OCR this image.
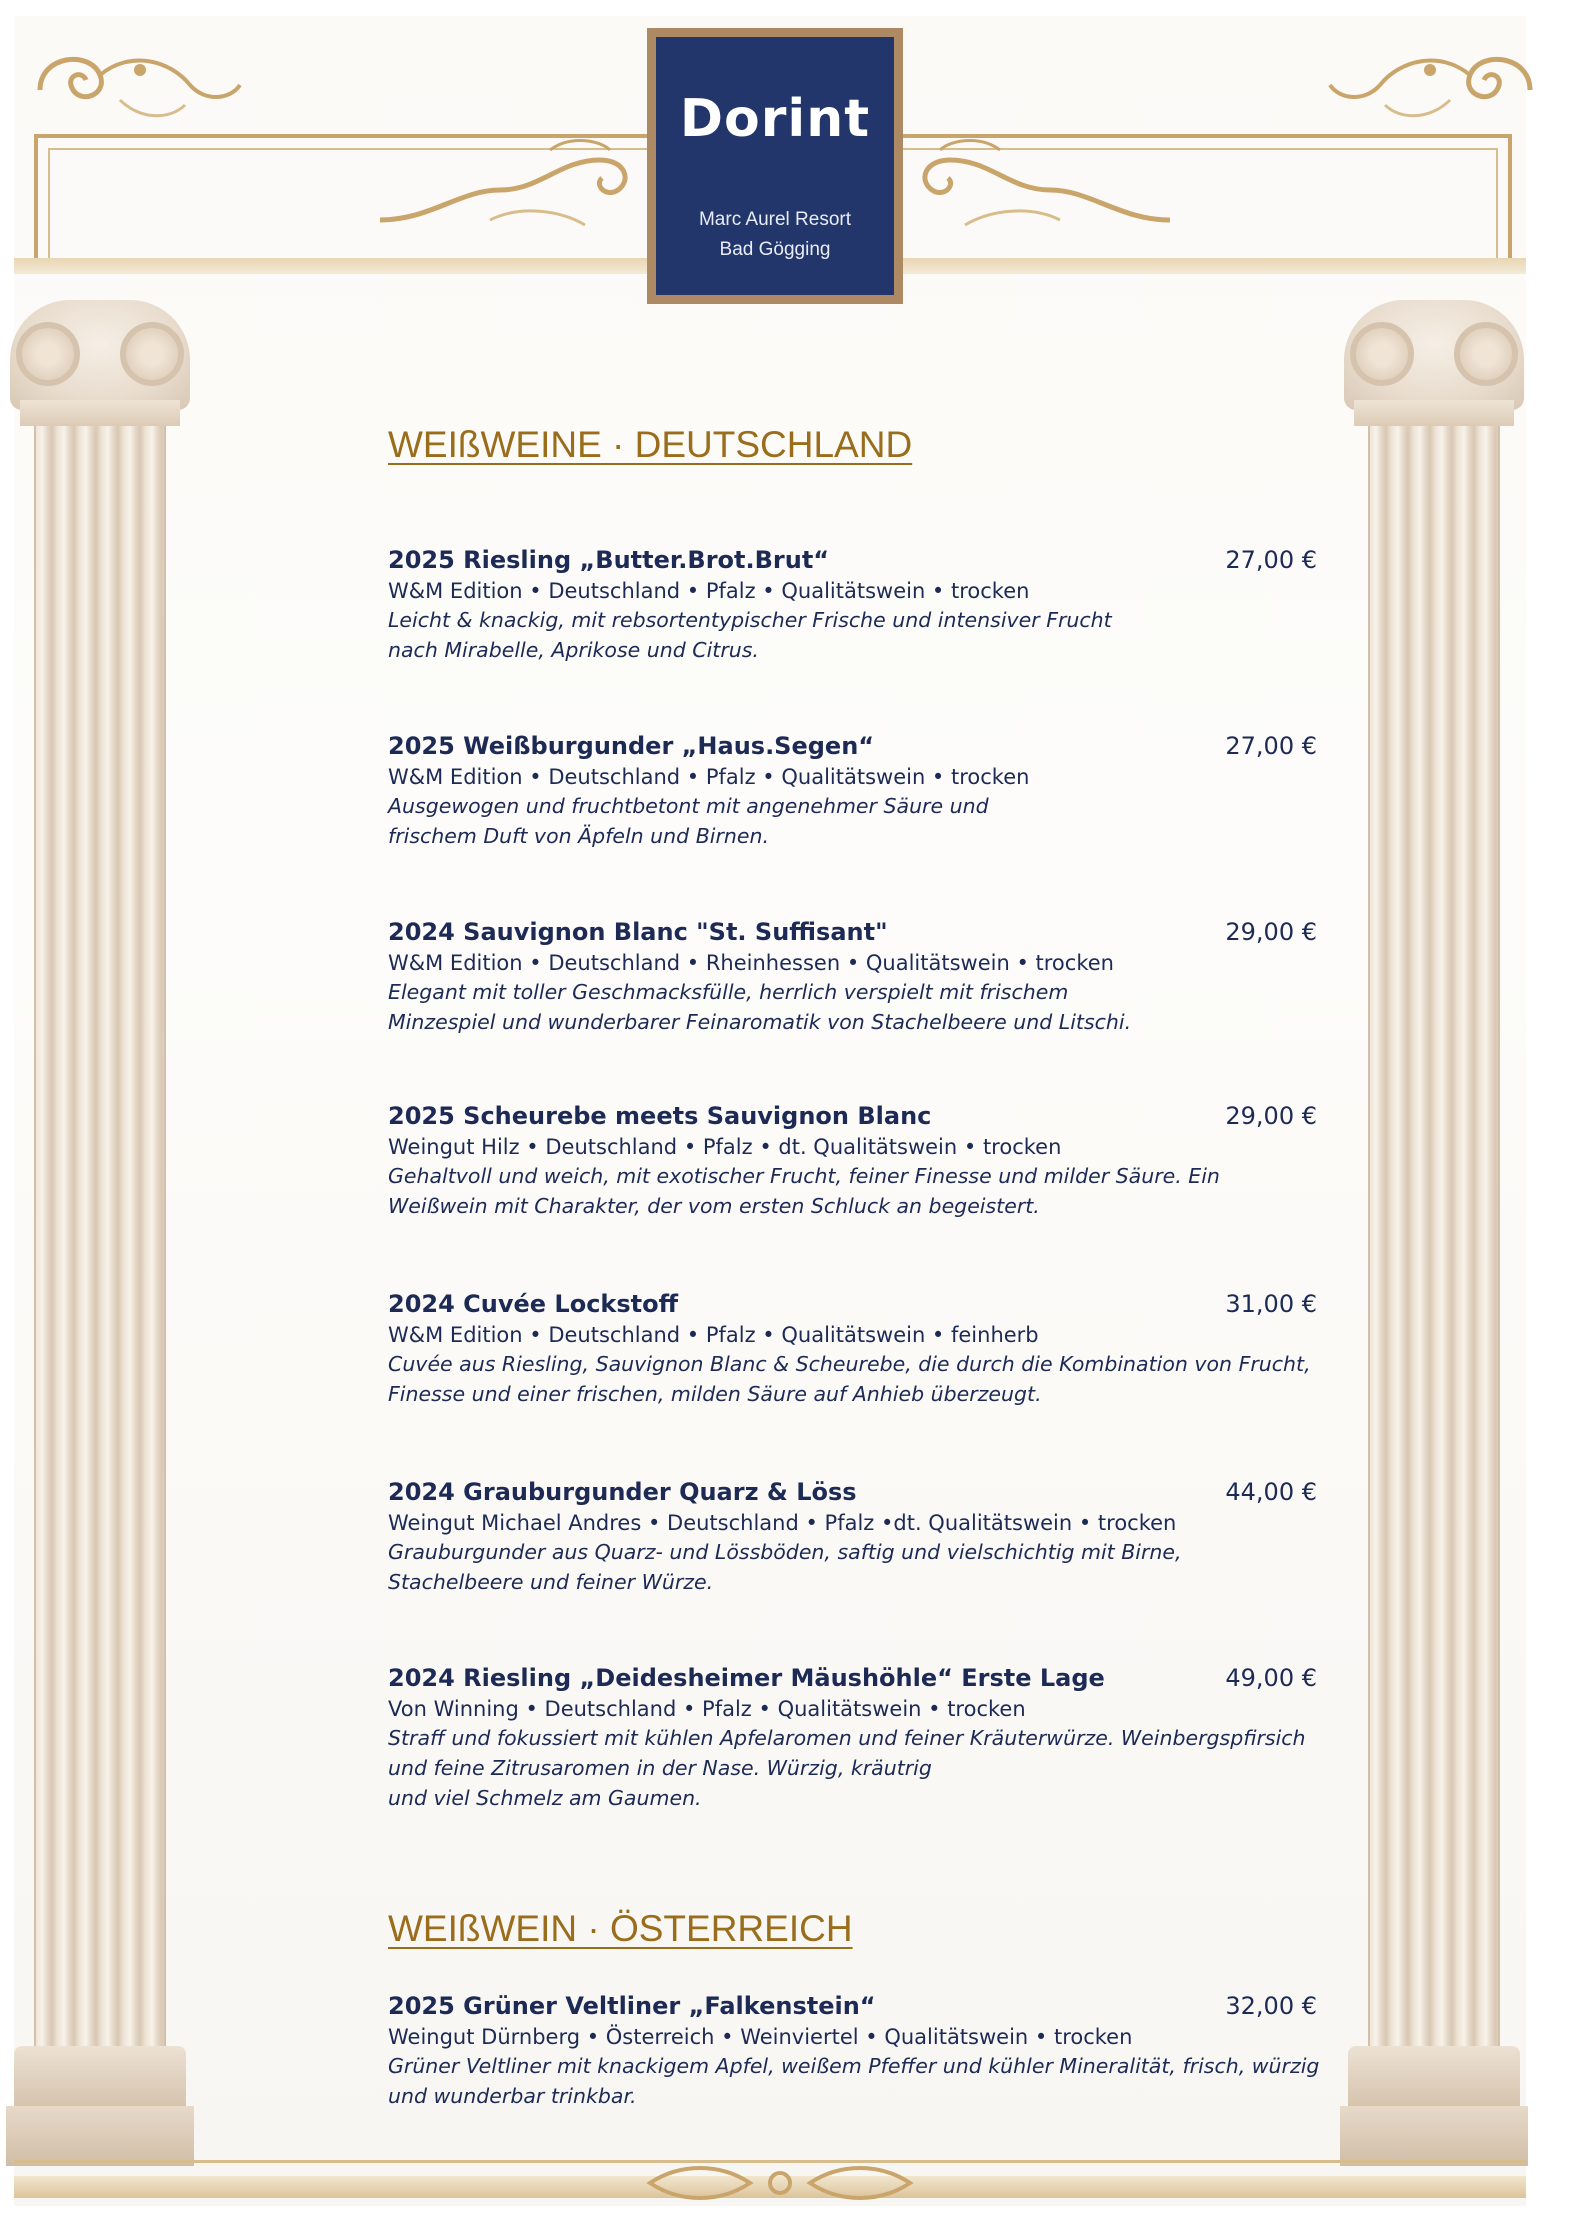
Dorint
Marc Aurel Resort
Bad Gögging
WEIßWEINE · DEUTSCHLAND
2025 Riesling „Butter.Brot.Brut“	27,00 €
W&M Edition • Deutschland • Pfalz • Qualitätswein • trocken
Leicht & knackig, mit rebsortentypischer Frische und intensiver Frucht
nach Mirabelle, Aprikose und Citrus.
2025 Weißburgunder „Haus.Segen“	27,00 €
W&M Edition • Deutschland • Pfalz • Qualitätswein • trocken
Ausgewogen und fruchtbetont mit angenehmer Säure und
frischem Duft von Äpfeln und Birnen.
2024 Sauvignon Blanc "St. Suffisant"	29,00 €
W&M Edition • Deutschland • Rheinhessen • Qualitätswein • trocken
Elegant mit toller Geschmacksfülle, herrlich verspielt mit frischem
Minzespiel und wunderbarer Feinaromatik von Stachelbeere und Litschi.
2025 Scheurebe meets Sauvignon Blanc	29,00 €
Weingut Hilz • Deutschland • Pfalz • dt. Qualitätswein • trocken
Gehaltvoll und weich, mit exotischer Frucht, feiner Finesse und milder Säure. Ein
Weißwein mit Charakter, der vom ersten Schluck an begeistert.
2024 Cuvée Lockstoff	31,00 €
W&M Edition • Deutschland • Pfalz • Qualitätswein • feinherb
Cuvée aus Riesling, Sauvignon Blanc & Scheurebe, die durch die Kombination von Frucht,
Finesse und einer frischen, milden Säure auf Anhieb überzeugt.
2024 Grauburgunder Quarz & Löss	44,00 €
Weingut Michael Andres • Deutschland • Pfalz •dt. Qualitätswein • trocken
Grauburgunder aus Quarz- und Lössböden, saftig und vielschichtig mit Birne,
Stachelbeere und feiner Würze.
2024 Riesling „Deidesheimer Mäushöhle“ Erste Lage	49,00 €
Von Winning • Deutschland • Pfalz • Qualitätswein • trocken
Straff und fokussiert mit kühlen Apfelaromen und feiner Kräuterwürze. Weinbergspfirsich
und feine Zitrusaromen in der Nase. Würzig, kräutrig
und viel Schmelz am Gaumen.
WEIßWEIN · ÖSTERREICH
2025 Grüner Veltliner „Falkenstein“	32,00 €
Weingut Dürnberg • Österreich • Weinviertel • Qualitätswein • trocken
Grüner Veltliner mit knackigem Apfel, weißem Pfeffer und kühler Mineralität, frisch, würzig
und wunderbar trinkbar.
